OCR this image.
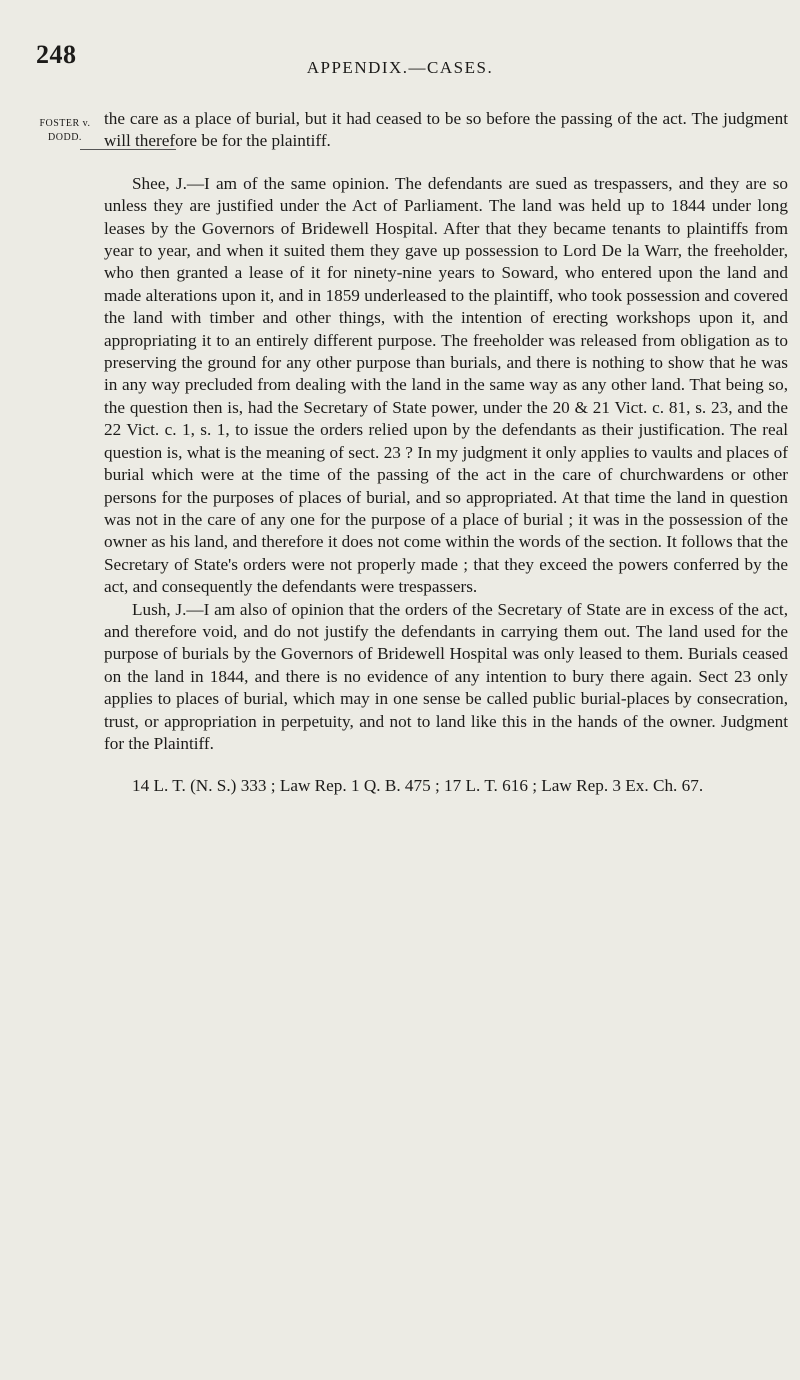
248	APPENDIX.—CASES.
FOSTER v.
DODD.

the care as a place of burial, but it had ceased to be so before the passing of the act. The judgment will therefore be for the plaintiff.

Shee, J.—I am of the same opinion. The defendants are sued as trespassers, and they are so unless they are justified under the Act of Parliament. The land was held up to 1844 under long leases by the Governors of Bridewell Hospital. After that they became tenants to plaintiffs from year to year, and when it suited them they gave up possession to Lord De la Warr, the freeholder, who then granted a lease of it for ninety-nine years to Soward, who entered upon the land and made alterations upon it, and in 1859 underleased to the plaintiff, who took possession and covered the land with timber and other things, with the intention of erecting workshops upon it, and appropriating it to an entirely different purpose. The freeholder was released from obligation as to preserving the ground for any other purpose than burials, and there is nothing to show that he was in any way precluded from dealing with the land in the same way as any other land. That being so, the question then is, had the Secretary of State power, under the 20 & 21 Vict. c. 81, s. 23, and the 22 Vict. c. 1, s. 1, to issue the orders relied upon by the defendants as their justification. The real question is, what is the meaning of sect. 23 ? In my judgment it only applies to vaults and places of burial which were at the time of the passing of the act in the care of churchwardens or other persons for the purposes of places of burial, and so appropriated. At that time the land in question was not in the care of any one for the purpose of a place of burial ; it was in the possession of the owner as his land, and therefore it does not come within the words of the section. It follows that the Secretary of State's orders were not properly made ; that they exceed the powers conferred by the act, and consequently the defendants were trespassers.

Lush, J.—I am also of opinion that the orders of the Secretary of State are in excess of the act, and therefore void, and do not justify the defendants in carrying them out. The land used for the purpose of burials by the Governors of Bridewell Hospital was only leased to them. Burials ceased on the land in 1844, and there is no evidence of any intention to bury there again. Sect 23 only applies to places of burial, which may in one sense be called public burial-places by consecration, trust, or appropriation in perpetuity, and not to land like this in the hands of the owner. Judgment for the Plaintiff.

14 L. T. (N. S.) 333 ; Law Rep. 1 Q. B. 475 ; 17 L. T. 616 ; Law Rep. 3 Ex. Ch. 67.
